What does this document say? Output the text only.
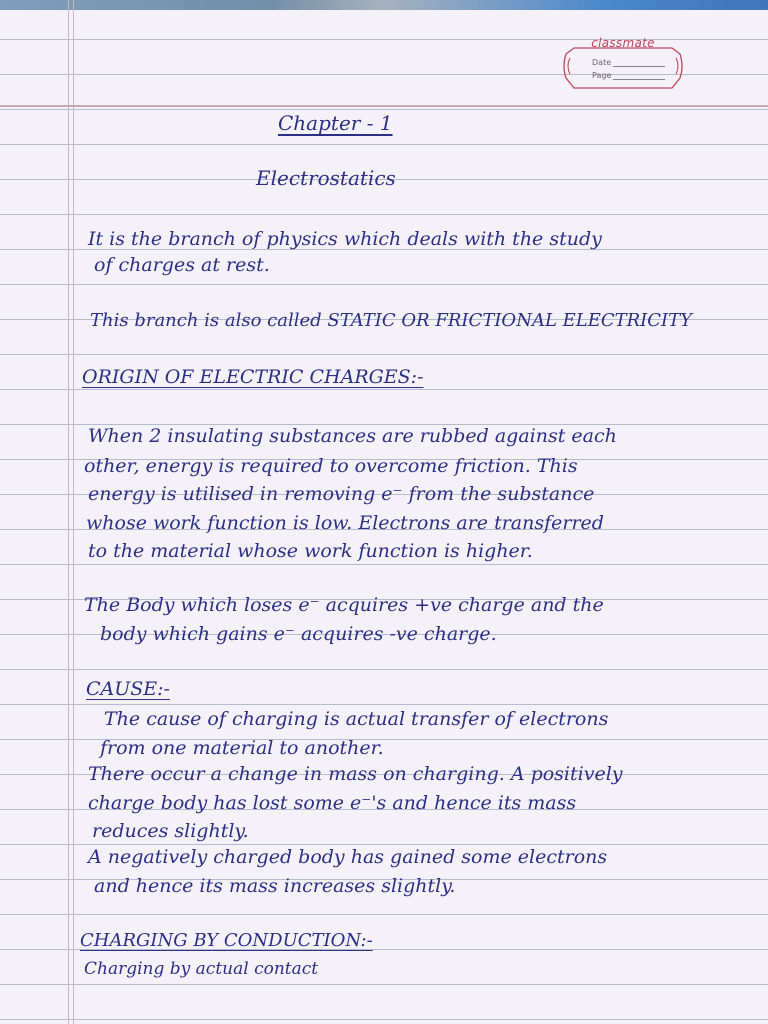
classmate
Date
Page
Chapter - 1
Electrostatics
It is the branch of physics which deals with the study
of charges at rest.
This branch is also called STATIC OR FRICTIONAL ELECTRICITY
ORIGIN OF ELECTRIC CHARGES:-
When 2 insulating substances are rubbed against each
other, energy is required to overcome friction. This
energy is utilised in removing e⁻ from the substance
whose work function is low. Electrons are transferred
to the material whose work function is higher.
The Body which loses e⁻ acquires +ve charge and the
body which gains e⁻ acquires -ve charge.
CAUSE:-
The cause of charging is actual transfer of electrons
from one material to another.
There occur a change in mass on charging. A positively
charge body has lost some e⁻'s and hence its mass
reduces slightly.
A negatively charged body has gained some electrons
and hence its mass increases slightly.
CHARGING BY CONDUCTION:-
Charging by actual contact
